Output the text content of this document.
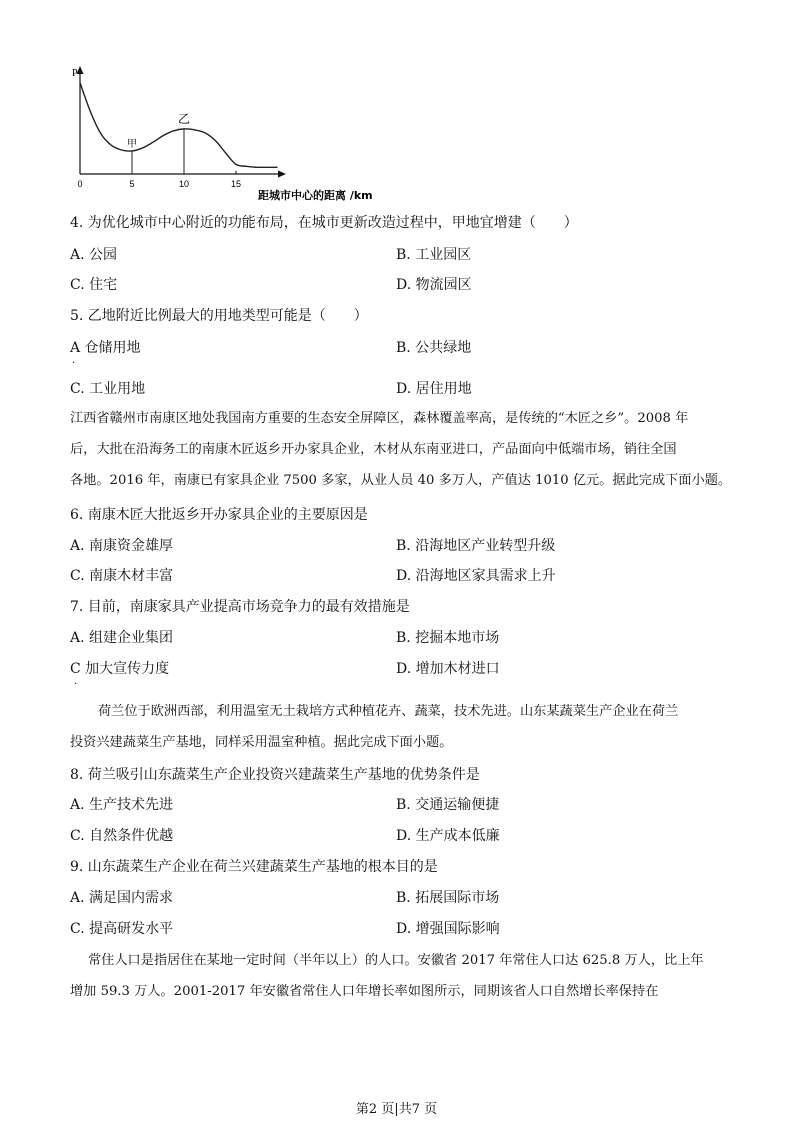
P
0	5	10	15
距城市中心的距离 /km
甲
乙
4. 为优化城市中心附近的功能布局，在城市更新改造过程中，甲地宜增建（　　）
A. 公园	B. 工业园区
C. 住宅	D. 物流园区
5. 乙地附近比例最大的用地类型可能是（　　）
A 仓储用地
·
B. 公共绿地
C. 工业用地	D. 居住用地
江西省赣州市南康区地处我国南方重要的生态安全屏障区，森林覆盖率高，是传统的“木匠之乡”。2008 年
后，大批在沿海务工的南康木匠返乡开办家具企业，木材从东南亚进口，产品面向中低端市场，销往全国
各地。2016 年，南康已有家具企业 7500 多家，从业人员 40 多万人，产值达 1010 亿元。据此完成下面小题。
6. 南康木匠大批返乡开办家具企业的主要原因是
A. 南康资金雄厚	B. 沿海地区产业转型升级
C. 南康木材丰富	D. 沿海地区家具需求上升
7. 目前，南康家具产业提高市场竞争力的最有效措施是
A. 组建企业集团	B. 挖掘本地市场
C 加大宣传力度
·
D. 增加木材进口
荷兰位于欧洲西部，利用温室无土栽培方式种植花卉、蔬菜，技术先进。山东某蔬菜生产企业在荷兰
投资兴建蔬菜生产基地，同样采用温室种植。据此完成下面小题。
8. 荷兰吸引山东蔬菜生产企业投资兴建蔬菜生产基地的优势条件是
A. 生产技术先进	B. 交通运输便捷
C. 自然条件优越	D. 生产成本低廉
9. 山东蔬菜生产企业在荷兰兴建蔬菜生产基地的根本目的是
A. 满足国内需求	B. 拓展国际市场
C. 提高研发水平	D. 增强国际影响
常住人口是指居住在某地一定时间（半年以上）的人口。安徽省 2017 年常住人口达 625.8 万人，比上年
增加 59.3 万人。2001-2017 年安徽省常住人口年增长率如图所示，同期该省人口自然增长率保持在
第2 页|共7 页
